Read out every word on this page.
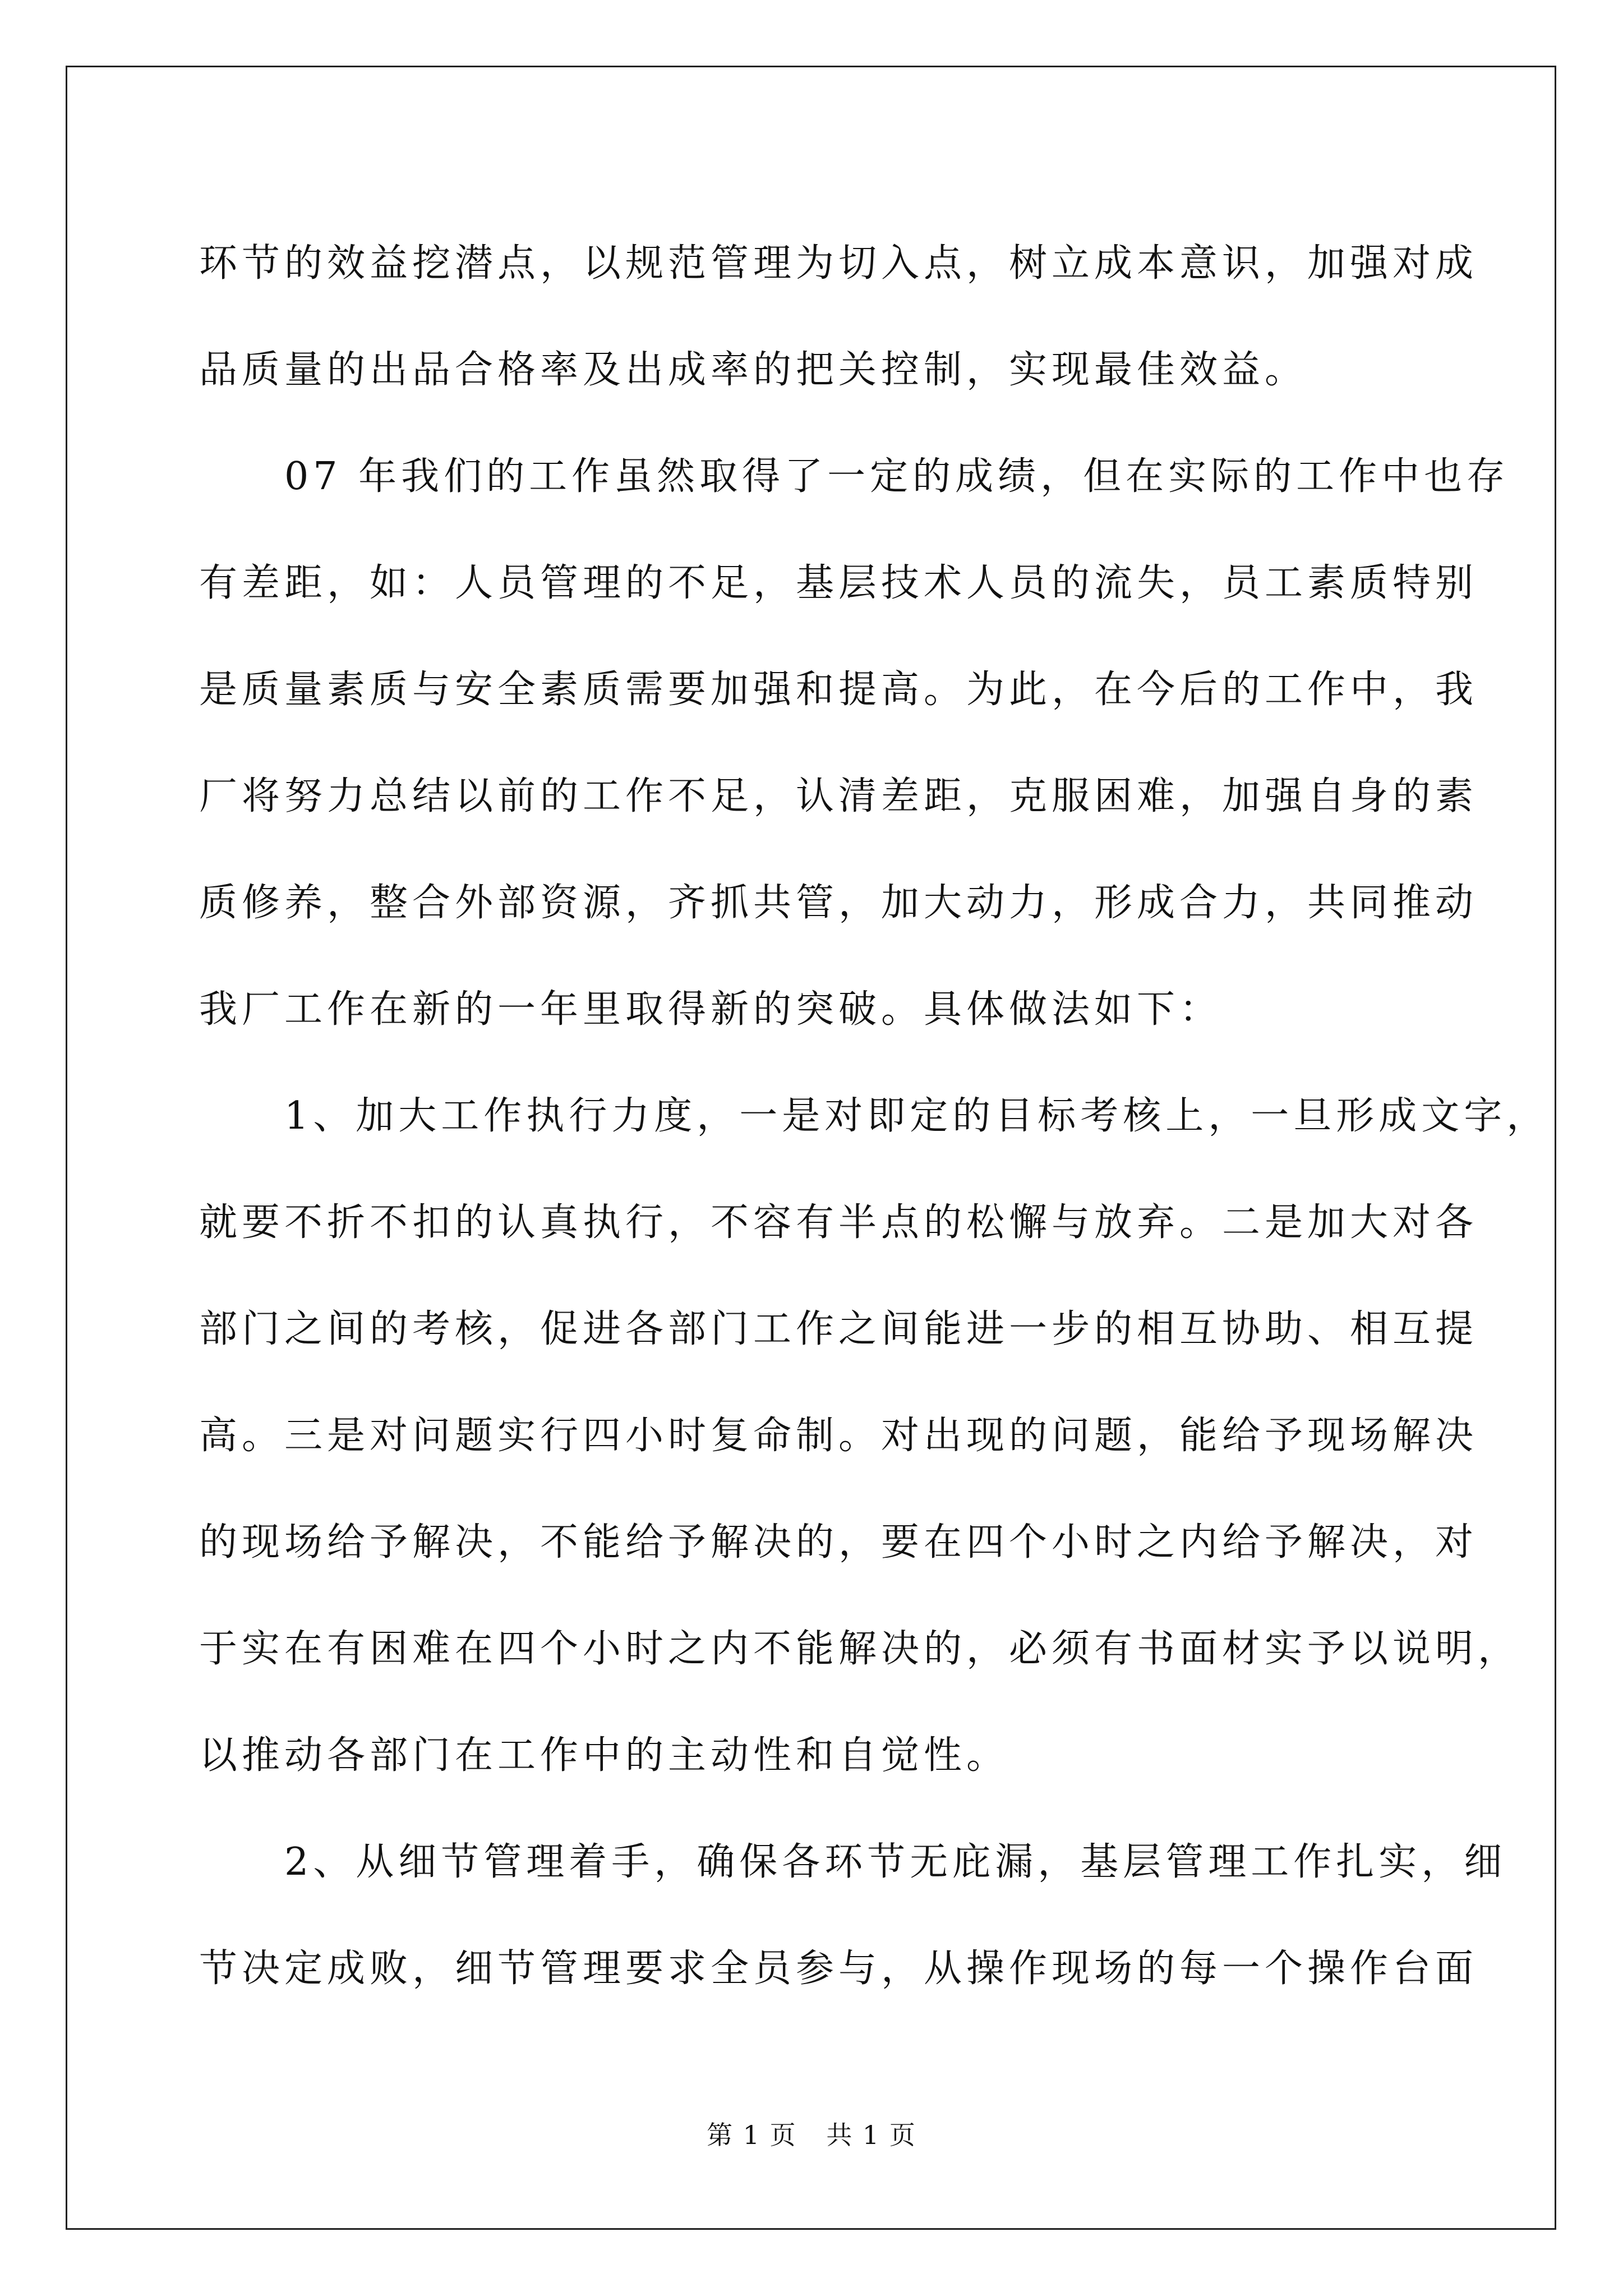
环节的效益挖潜点，以规范管理为切入点，树立成本意识，加强对成
品质量的出品合格率及出成率的把关控制，实现最佳效益。
　　07 年我们的工作虽然取得了一定的成绩，但在实际的工作中也存
有差距，如：人员管理的不足，基层技术人员的流失，员工素质特别
是质量素质与安全素质需要加强和提高。为此，在今后的工作中，我
厂将努力总结以前的工作不足，认清差距，克服困难，加强自身的素
质修养，整合外部资源，齐抓共管，加大动力，形成合力，共同推动
我厂工作在新的一年里取得新的突破。具体做法如下：
　　1、加大工作执行力度，一是对即定的目标考核上，一旦形成文字，
就要不折不扣的认真执行，不容有半点的松懈与放弃。二是加大对各
部门之间的考核，促进各部门工作之间能进一步的相互协助、相互提
高。三是对问题实行四小时复命制。对出现的问题，能给予现场解决
的现场给予解决，不能给予解决的，要在四个小时之内给予解决，对
于实在有困难在四个小时之内不能解决的，必须有书面材实予以说明，
以推动各部门在工作中的主动性和自觉性。
　　2、从细节管理着手，确保各环节无庇漏，基层管理工作扎实，细
节决定成败，细节管理要求全员参与，从操作现场的每一个操作台面
第 1 页 共 1 页
